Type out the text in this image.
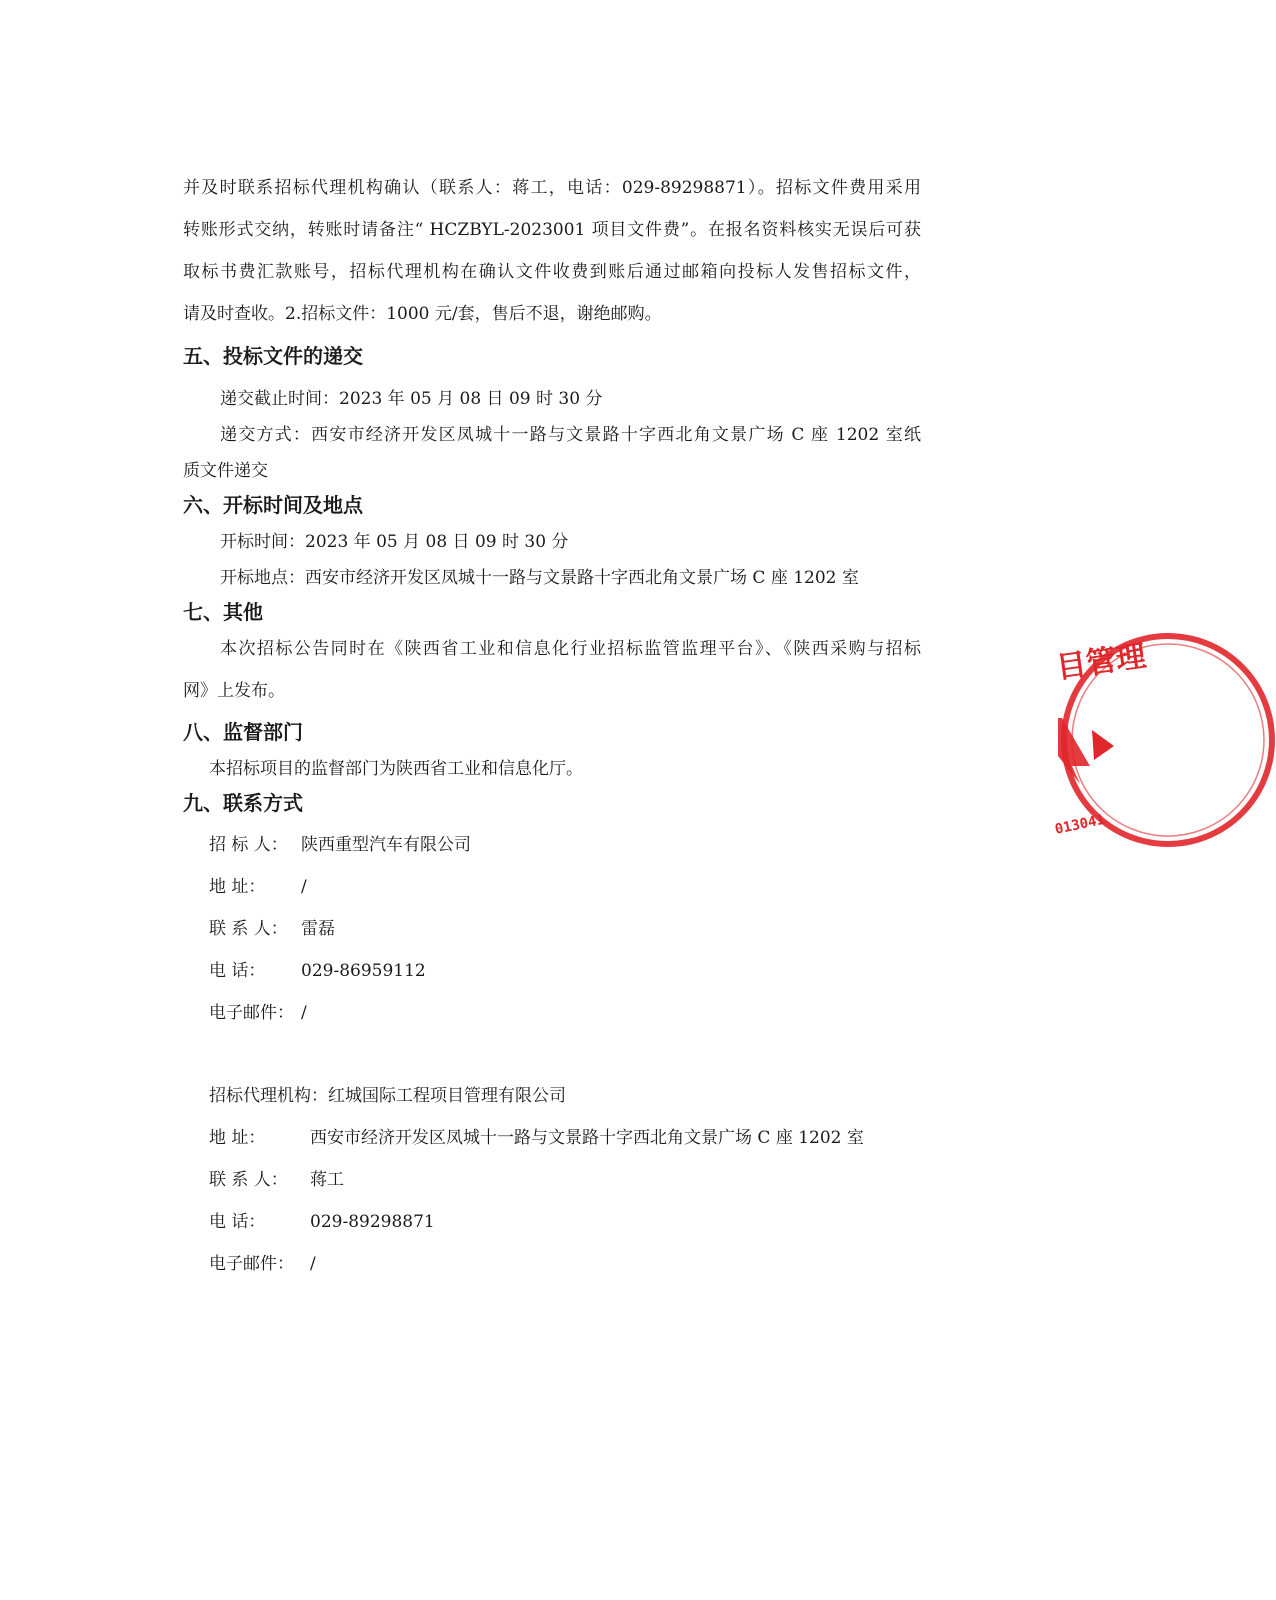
并及时联系招标代理机构确认（联系人：蒋工，电话：029-89298871）。招标文件费用采用
转账形式交纳，转账时请备注“ HCZBYL-2023001 项目文件费”。在报名资料核实无误后可获
取标书费汇款账号，招标代理机构在确认文件收费到账后通过邮箱向投标人发售招标文件，
请及时查收。2.招标文件：1000 元/套，售后不退，谢绝邮购。
五、投标文件的递交
递交截止时间：2023 年 05 月 08 日 09 时 30 分
递交方式：西安市经济开发区凤城十一路与文景路十字西北角文景广场 C 座 1202 室纸
质文件递交
六、开标时间及地点
开标时间：2023 年 05 月 08 日 09 时 30 分
开标地点：西安市经济开发区凤城十一路与文景路十字西北角文景广场 C 座 1202 室
七、其他
本次招标公告同时在《陕西省工业和信息化行业招标监管监理平台》、《陕西采购与招标
网》上发布。
八、监督部门
本招标项目的监督部门为陕西省工业和信息化厅。
九、联系方式
招 标 人： 陕西重型汽车有限公司
地 址： /
联 系 人： 雷磊
电 话： 029-86959112
电子邮件： /
招标代理机构：红城国际工程项目管理有限公司
地 址：	西安市经济开发区凤城十一路与文景路十字西北角文景广场 C 座 1202 室
联 系 人： 蒋工
电 话：	029-89298871
电子邮件： /
目管理
013041
